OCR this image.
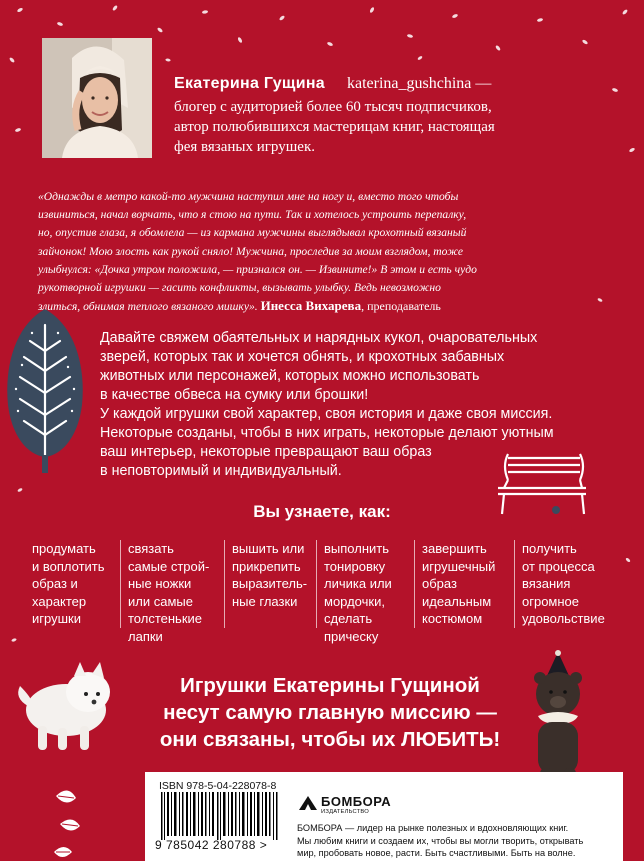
Екатерина Гущина katerina_gushchina —
блогер с аудиторией более 60 тысяч подписчиков,
автор полюбившихся мастерицам книг, настоящая
фея вязаных игрушек.
«Однажды в метро какой-то мужчина наступил мне на ногу и, вместо того чтобы
извиниться, начал ворчать, что я стою на пути. Так и хотелось устроить перепалку,
но, опустив глаза, я обомлела — из кармана мужчины выглядывал крохотный вязаный
зайчонок! Мою злость как рукой сняло! Мужчина, проследив за моим взглядом, тоже
улыбнулся: «Дочка утром положила, — признался он. — Извините!» В этом и есть чудо
рукотворной игрушки — гасить конфликты, вызывать улыбку. Ведь невозможно
злиться, обнимая теплого вязаного мишку». Инесса Вихарева, преподаватель
Давайте свяжем обаятельных и нарядных кукол, очаровательных
зверей, которых так и хочется обнять, и крохотных забавных
животных или персонажей, которых можно использовать
в качестве обвеса на сумку или брошки!
У каждой игрушки свой характер, своя история и даже своя миссия.
Некоторые созданы, чтобы в них играть, некоторые делают уютным
ваш интерьер, некоторые превращают ваш образ
в неповторимый и индивидуальный.
Вы узнаете, как:
продумать
и воплотить
образ и
характер
игрушки
связать
самые строй-
ные ножки
или самые
толстенькие
лапки
вышить или
прикрепить
выразитель-
ные глазки
выполнить
тонировку
личика или
мордочки,
сделать
прическу
завершить
игрушечный
образ
идеальным
костюмом
получить
от процесса
вязания
огромное
удовольствие
Игрушки Екатерины Гущиной
несут самую главную миссию —
они связаны, чтобы их ЛЮБИТЬ!
ISBN 978-5-04-228078-8
9 785042 280788 >
БОМБОРА
ИЗДАТЕЛЬСТВО
БОМБОРА — лидер на рынке полезных и вдохновляющих книг.
Мы любим книги и создаем их, чтобы вы могли творить, открывать
мир, пробовать новое, расти. Быть счастливыми. Быть на волне.
